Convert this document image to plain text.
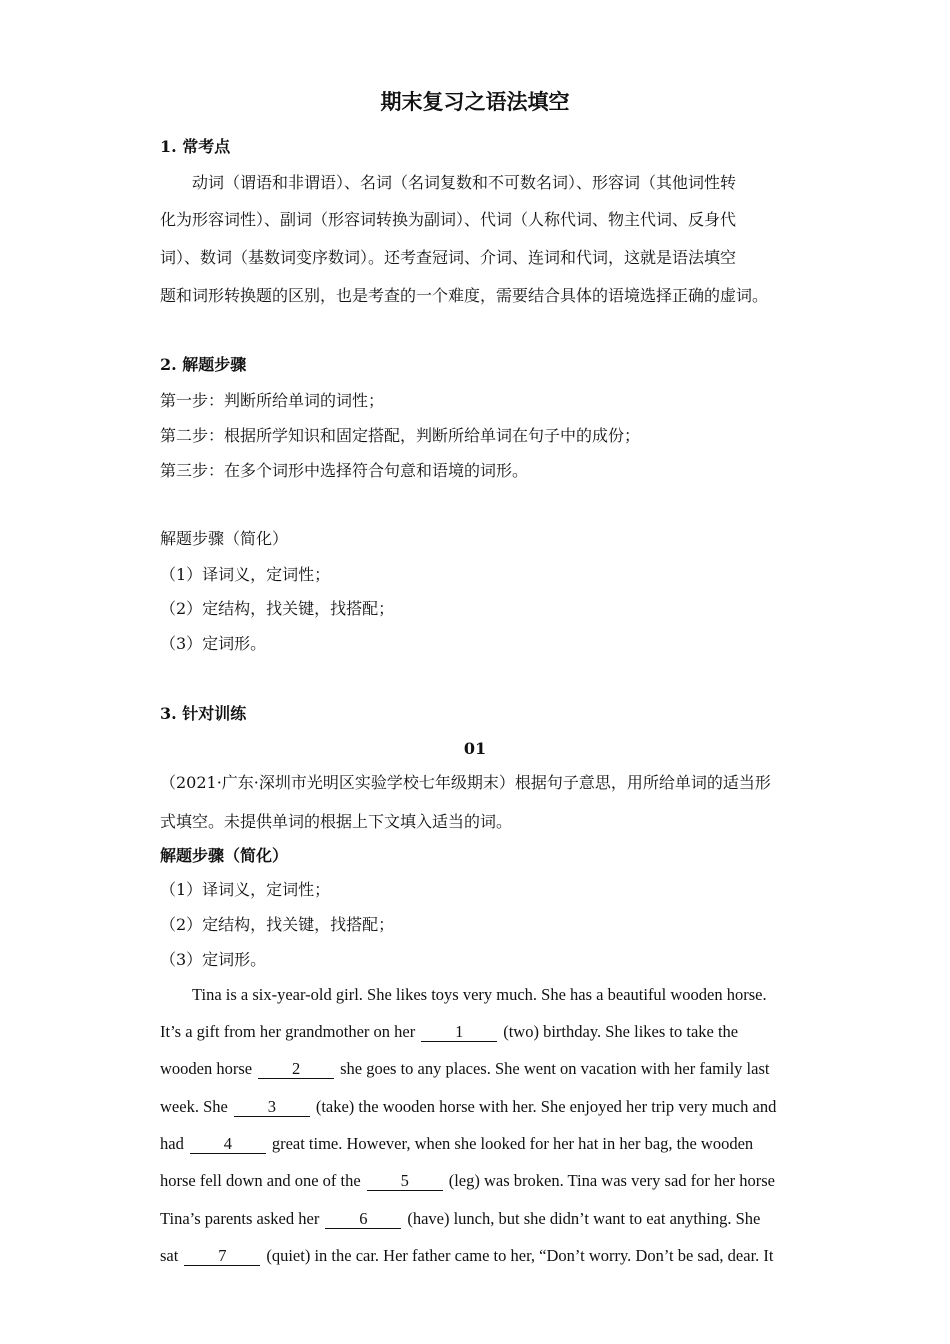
期末复习之语法填空
1. 常考点
动词（谓语和非谓语）、名词（名词复数和不可数名词）、形容词（其他词性转
化为形容词性）、副词（形容词转换为副词）、代词（人称代词、物主代词、反身代
词）、数词（基数词变序数词）。还考查冠词、介词、连词和代词，这就是语法填空
题和词形转换题的区别，也是考查的一个难度，需要结合具体的语境选择正确的虚词。
2. 解题步骤
第一步：判断所给单词的词性；
第二步：根据所学知识和固定搭配，判断所给单词在句子中的成份；
第三步：在多个词形中选择符合句意和语境的词形。
解题步骤（简化）
（1）译词义，定词性；
（2）定结构，找关键，找搭配；
（3）定词形。
3. 针对训练
01
（2021·广东·深圳市光明区实验学校七年级期末）根据句子意思，用所给单词的适当形
式填空。未提供单词的根据上下文填入适当的词。
解题步骤（简化）
（1）译词义，定词性；
（2）定结构，找关键，找搭配；
（3）定词形。
Tina is a six-year-old girl. She likes toys very much. She has a beautiful wooden horse.
It’s a gift from her grandmother on her 1 (two) birthday. She likes to take the
wooden horse 2 she goes to any places. She went on vacation with her family last
week. She 3 (take) the wooden horse with her. She enjoyed her trip very much and
had 4 great time. However, when she looked for her hat in her bag, the wooden
horse fell down and one of the 5 (leg) was broken. Tina was very sad for her horse
Tina’s parents asked her 6 (have) lunch, but she didn’t want to eat anything. She
sat 7 (quiet) in the car. Her father came to her, “Don’t worry. Don’t be sad, dear. It
